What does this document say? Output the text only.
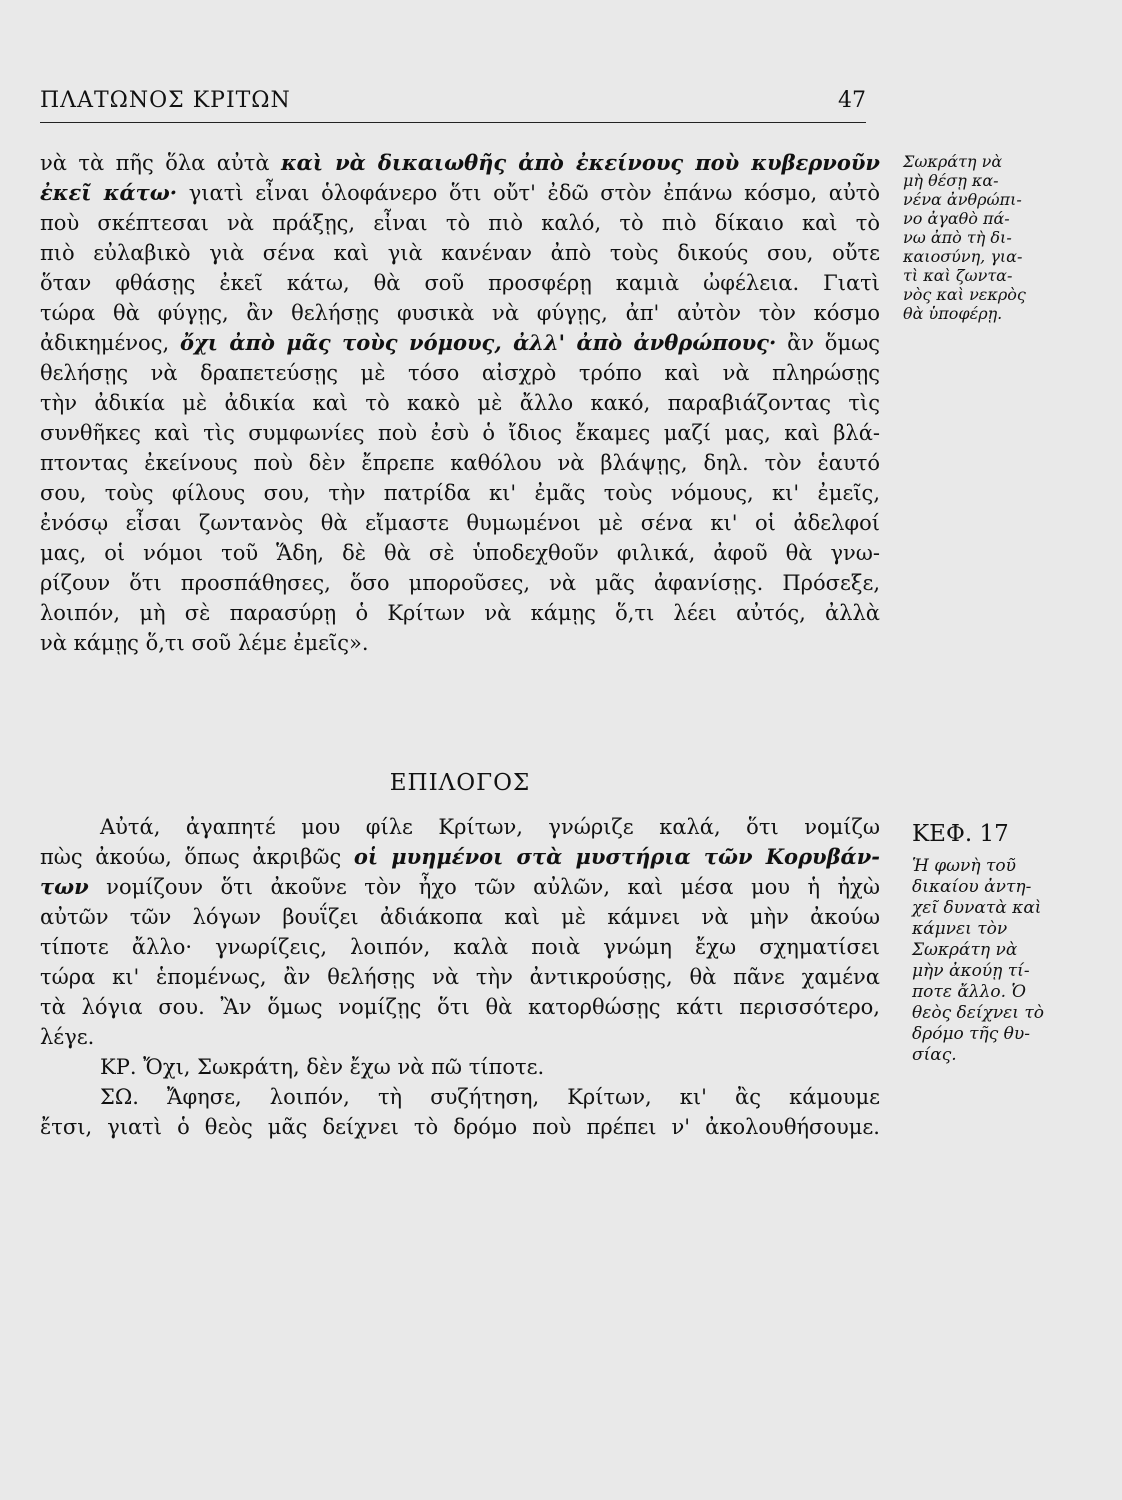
ΠΛΑΤΩΝΟΣ ΚΡΙΤΩΝ	47
νὰ τὰ πῆς ὅλα αὐτὰ καὶ νὰ δικαιωθῆς ἀπὸ ἐκείνους ποὺ κυβερνοῦν
ἐκεῖ κάτω· γιατὶ εἶναι ὁλοφάνερο ὅτι οὔτ' ἐδῶ στὸν ἐπάνω κόσμο, αὐτὸ
ποὺ σκέπτεσαι νὰ πράξῃς, εἶναι τὸ πιὸ καλό, τὸ πιὸ δίκαιο καὶ τὸ
πιὸ εὐλαβικὸ γιὰ σένα καὶ γιὰ κανέναν ἀπὸ τοὺς δικούς σου, οὔτε
ὅταν φθάσῃς ἐκεῖ κάτω, θὰ σοῦ προσφέρῃ καμιὰ ὠφέλεια. Γιατὶ
τώρα θὰ φύγῃς, ἂν θελήσῃς φυσικὰ νὰ φύγῃς, ἀπ' αὐτὸν τὸν κόσμο
ἀδικημένος, ὄχι ἀπὸ μᾶς τοὺς νόμους, ἀλλ' ἀπὸ ἀνθρώπους· ἂν ὅμως
θελήσῃς νὰ δραπετεύσῃς μὲ τόσο αἰσχρὸ τρόπο καὶ νὰ πληρώσῃς
τὴν ἀδικία μὲ ἀδικία καὶ τὸ κακὸ μὲ ἄλλο κακό, παραβιάζοντας τὶς
συνθῆκες καὶ τὶς συμφωνίες ποὺ ἐσὺ ὁ ἴδιος ἔκαμες μαζί μας, καὶ βλά-
πτοντας ἐκείνους ποὺ δὲν ἔπρεπε καθόλου νὰ βλάψῃς, δηλ. τὸν ἑαυτό
σου, τοὺς φίλους σου, τὴν πατρίδα κι' ἐμᾶς τοὺς νόμους, κι' ἐμεῖς,
ἐνόσῳ εἶσαι ζωντανὸς θὰ εἴμαστε θυμωμένοι μὲ σένα κι' οἱ ἀδελφοί
μας, οἱ νόμοι τοῦ Ἅδη, δὲ θὰ σὲ ὑποδεχθοῦν φιλικά, ἀφοῦ θὰ γνω-
ρίζουν ὅτι προσπάθησες, ὅσο μποροῦσες, νὰ μᾶς ἀφανίσῃς. Πρόσεξε,
λοιπόν, μὴ σὲ παρασύρῃ ὁ Κρίτων νὰ κάμῃς ὅ,τι λέει αὐτός, ἀλλὰ
νὰ κάμῃς ὅ,τι σοῦ λέμε ἐμεῖς».
Σωκράτη νὰ
μὴ θέσῃ κα-
νένα ἀνθρώπι-
νο ἀγαθὸ πά-
νω ἀπὸ τὴ δι-
καιοσύνη, για-
τὶ καὶ ζωντα-
νὸς καὶ νεκρὸς
θὰ ὑποφέρῃ.
ΕΠΙΛΟΓΟΣ
Αὐτά, ἀγαπητέ μου φίλε Κρίτων, γνώριζε καλά, ὅτι νομίζω
πὼς ἀκούω, ὅπως ἀκριβῶς οἱ μυημένοι στὰ μυστήρια τῶν Κορυβάν-
των νομίζουν ὅτι ἀκοῦνε τὸν ἦχο τῶν αὐλῶν, καὶ μέσα μου ἡ ἠχὼ
αὐτῶν τῶν λόγων βουΐζει ἀδιάκοπα καὶ μὲ κάμνει νὰ μὴν ἀκούω
τίποτε ἄλλο· γνωρίζεις, λοιπόν, καλὰ ποιὰ γνώμη ἔχω σχηματίσει
τώρα κι' ἑπομένως, ἂν θελήσῃς νὰ τὴν ἀντικρούσῃς, θὰ πᾶνε χαμένα
τὰ λόγια σου. Ἂν ὅμως νομίζῃς ὅτι θὰ κατορθώσῃς κάτι περισσότερο,
λέγε.
ΚΡ. Ὄχι, Σωκράτη, δὲν ἔχω νὰ πῶ τίποτε.
ΣΩ. Ἄφησε, λοιπόν, τὴ συζήτηση, Κρίτων, κι' ἂς κάμουμε
ἔτσι, γιατὶ ὁ θεὸς μᾶς δείχνει τὸ δρόμο ποὺ πρέπει ν' ἀκολουθήσουμε.
ΚΕΦ. 17
Ἡ φωνὴ τοῦ
δικαίου ἀντη-
χεῖ δυνατὰ καὶ
κάμνει τὸν
Σωκράτη νὰ
μὴν ἀκούῃ τί-
ποτε ἄλλο. Ὁ
θεὸς δείχνει τὸ
δρόμο τῆς θυ-
σίας.
